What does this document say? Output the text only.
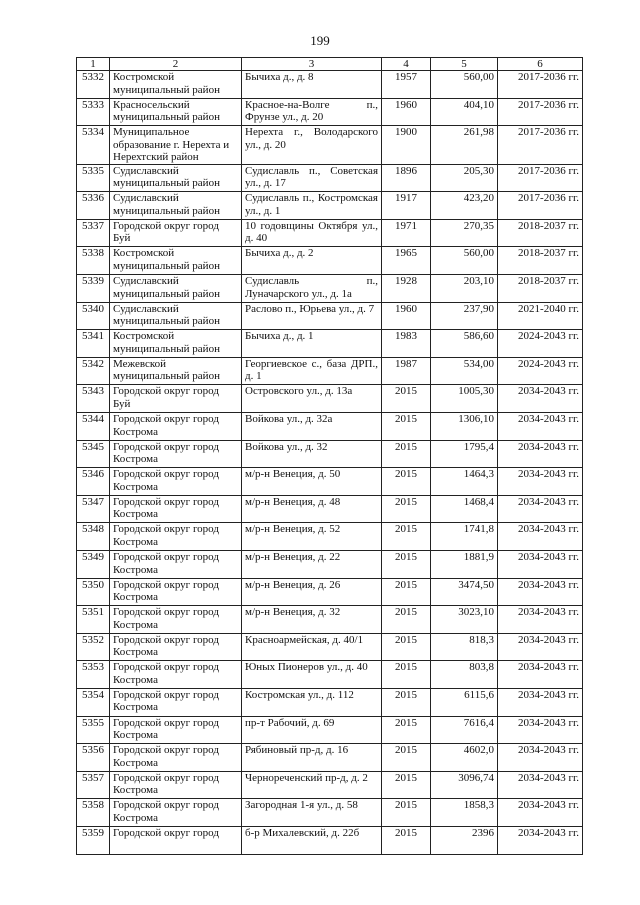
199
1	2	3	4	5	6
5332	Костромской муниципальный район	Бычиха д., д. 8	1957	560,00	2017-2036 гг.
5333	Красносельский муниципальный район	Красное-на-Волге п., Фрунзе ул., д. 20	1960	404,10	2017-2036 гг.
5334	Муниципальное образование г. Нерехта и Нерехтский район	Нерехта г., Володарского ул., д. 20	1900	261,98	2017-2036 гг.
5335	Судиславский муниципальный район	Судиславль п., Советская ул., д. 17	1896	205,30	2017-2036 гг.
5336	Судиславский муниципальный район	Судиславль п., Костромская ул., д. 1	1917	423,20	2017-2036 гг.
5337	Городской округ город Буй	10 годовщины Октября ул., д. 40	1971	270,35	2018-2037 гг.
5338	Костромской муниципальный район	Бычиха д., д. 2	1965	560,00	2018-2037 гг.
5339	Судиславский муниципальный район	Судиславль п., Луначарского ул., д. 1а	1928	203,10	2018-2037 гг.
5340	Судиславский муниципальный район	Раслово п., Юрьева ул., д. 7	1960	237,90	2021-2040 гг.
5341	Костромской муниципальный район	Бычиха д., д. 1	1983	586,60	2024-2043 гг.
5342	Межевской муниципальный район	Георгиевское с., база ДРП., д. 1	1987	534,00	2024-2043 гг.
5343	Городской округ город Буй	Островского ул., д. 13а	2015	1005,30	2034-2043 гг.
5344	Городской округ город Кострома	Войкова ул., д. 32а	2015	1306,10	2034-2043 гг.
5345	Городской округ город Кострома	Войкова ул., д. 32	2015	1795,4	2034-2043 гг.
5346	Городской округ город Кострома	м/р-н Венеция, д. 50	2015	1464,3	2034-2043 гг.
5347	Городской округ город Кострома	м/р-н Венеция, д. 48	2015	1468,4	2034-2043 гг.
5348	Городской округ город Кострома	м/р-н Венеция, д. 52	2015	1741,8	2034-2043 гг.
5349	Городской округ город Кострома	м/р-н Венеция, д. 22	2015	1881,9	2034-2043 гг.
5350	Городской округ город Кострома	м/р-н Венеция, д. 26	2015	3474,50	2034-2043 гг.
5351	Городской округ город Кострома	м/р-н Венеция, д. 32	2015	3023,10	2034-2043 гг.
5352	Городской округ город Кострома	Красноармейская, д. 40/1	2015	818,3	2034-2043 гг.
5353	Городской округ город Кострома	Юных Пионеров ул., д. 40	2015	803,8	2034-2043 гг.
5354	Городской округ город Кострома	Костромская ул., д. 112	2015	6115,6	2034-2043 гг.
5355	Городской округ город Кострома	пр-т Рабочий, д. 69	2015	7616,4	2034-2043 гг.
5356	Городской округ город Кострома	Рябиновый пр-д, д. 16	2015	4602,0	2034-2043 гг.
5357	Городской округ город Кострома	Чернореченский пр-д, д. 2	2015	3096,74	2034-2043 гг.
5358	Городской округ город Кострома	Загородная 1-я ул., д. 58	2015	1858,3	2034-2043 гг.
5359	Городской округ город	б-р Михалевский, д. 22б	2015	2396	2034-2043 гг.
